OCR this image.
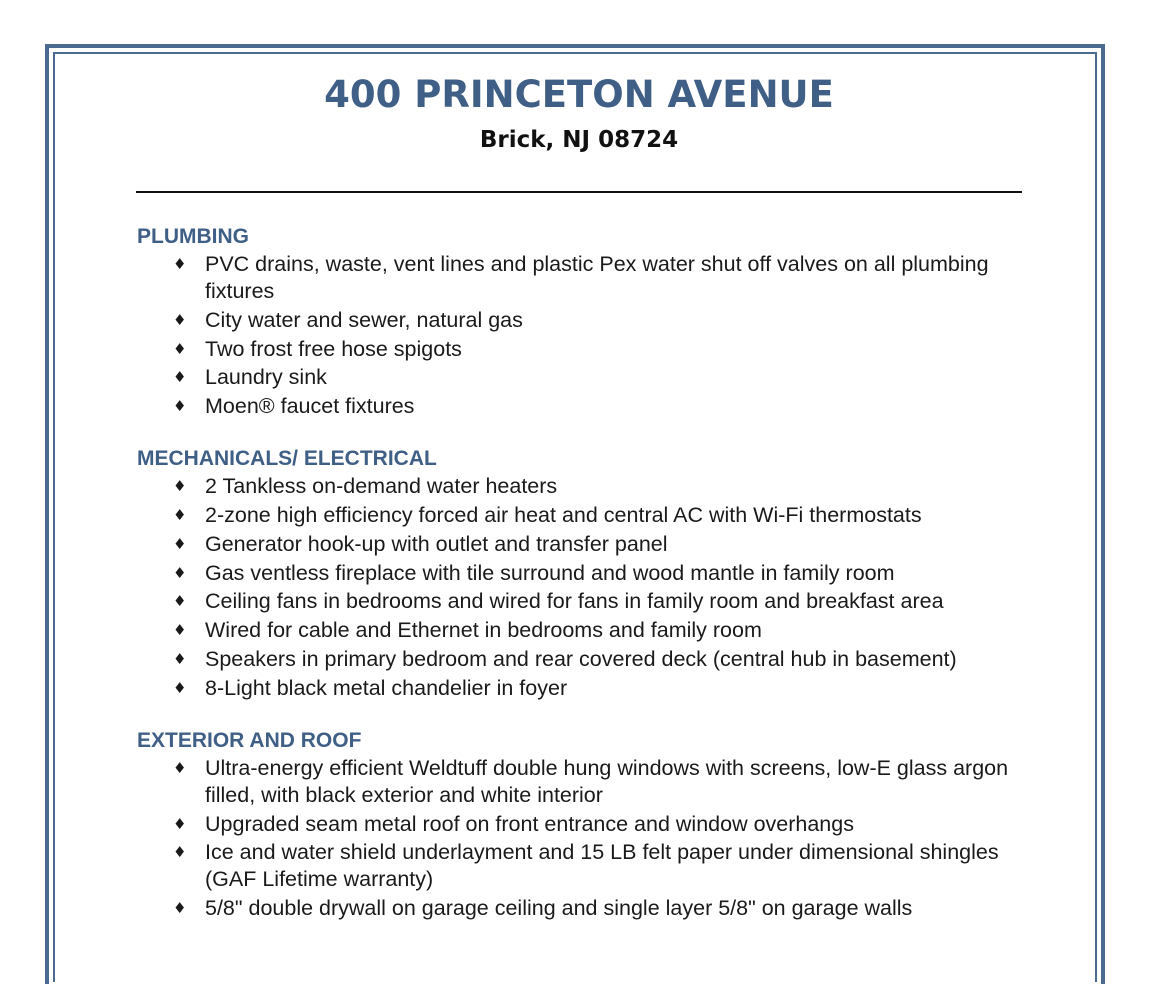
400 PRINCETON AVENUE
Brick, NJ 08724
PLUMBING
♦ PVC drains, waste, vent lines and plastic Pex water shut off valves on all plumbing fixtures
♦ City water and sewer, natural gas
♦ Two frost free hose spigots
♦ Laundry sink
♦ Moen® faucet fixtures
MECHANICALS/ ELECTRICAL
♦ 2 Tankless on-demand water heaters
♦ 2-zone high efficiency forced air heat and central AC with Wi-Fi thermostats
♦ Generator hook-up with outlet and transfer panel
♦ Gas ventless fireplace with tile surround and wood mantle in family room
♦ Ceiling fans in bedrooms and wired for fans in family room and breakfast area
♦ Wired for cable and Ethernet in bedrooms and family room
♦ Speakers in primary bedroom and rear covered deck (central hub in basement)
♦ 8-Light black metal chandelier in foyer
EXTERIOR AND ROOF
♦ Ultra-energy efficient Weldtuff double hung windows with screens, low-E glass argon filled, with black exterior and white interior
♦ Upgraded seam metal roof on front entrance and window overhangs
♦ Ice and water shield underlayment and 15 LB felt paper under dimensional shingles (GAF Lifetime warranty)
♦ 5/8" double drywall on garage ceiling and single layer 5/8" on garage walls
